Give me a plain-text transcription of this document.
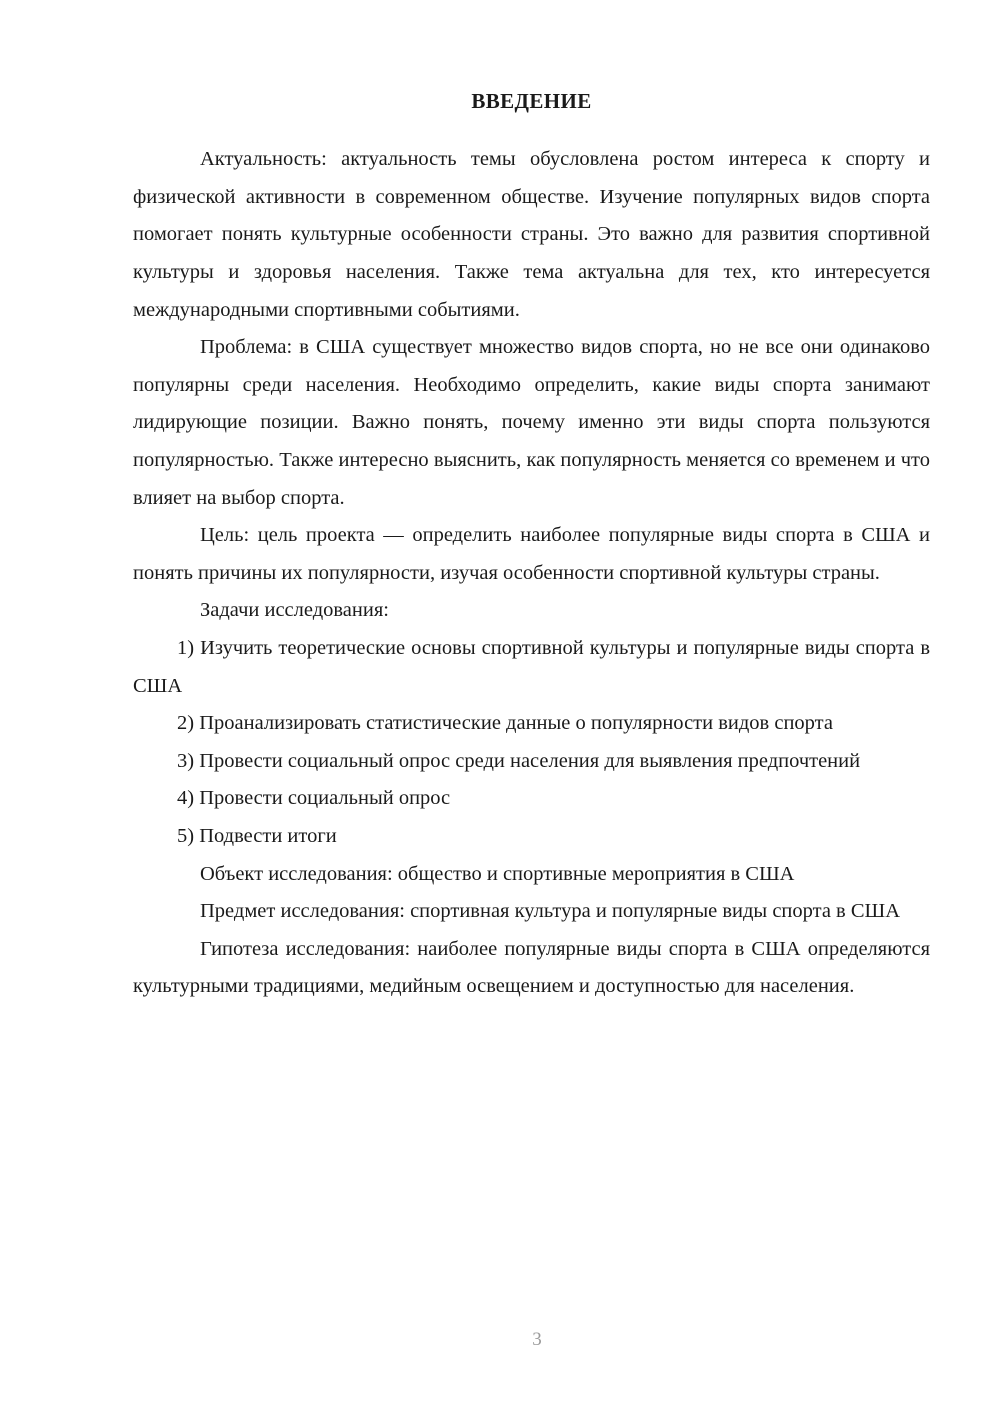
ВВЕДЕНИЕ

Актуальность: актуальность темы обусловлена ростом интереса к спорту и физической активности в современном обществе. Изучение популярных видов спорта помогает понять культурные особенности страны. Это важно для развития спортивной культуры и здоровья населения. Также тема актуальна для тех, кто интересуется международными спортивными событиями.

Проблема: в США существует множество видов спорта, но не все они одинаково популярны среди населения. Необходимо определить, какие виды спорта занимают лидирующие позиции. Важно понять, почему именно эти виды спорта пользуются популярностью. Также интересно выяснить, как популярность меняется со временем и что влияет на выбор спорта.

Цель: цель проекта — определить наиболее популярные виды спорта в США и понять причины их популярности, изучая особенности спортивной культуры страны.

Задачи исследования:

1) Изучить теоретические основы спортивной культуры и популярные виды спорта в США

2) Проанализировать статистические данные о популярности видов спорта

3) Провести социальный опрос среди населения для выявления предпочтений

4) Провести социальный опрос

5) Подвести итоги

Объект исследования: общество и спортивные мероприятия в США

Предмет исследования: спортивная культура и популярные виды спорта в США

Гипотеза исследования: наиболее популярные виды спорта в США определяются культурными традициями, медийным освещением и доступностью для населения.

3
